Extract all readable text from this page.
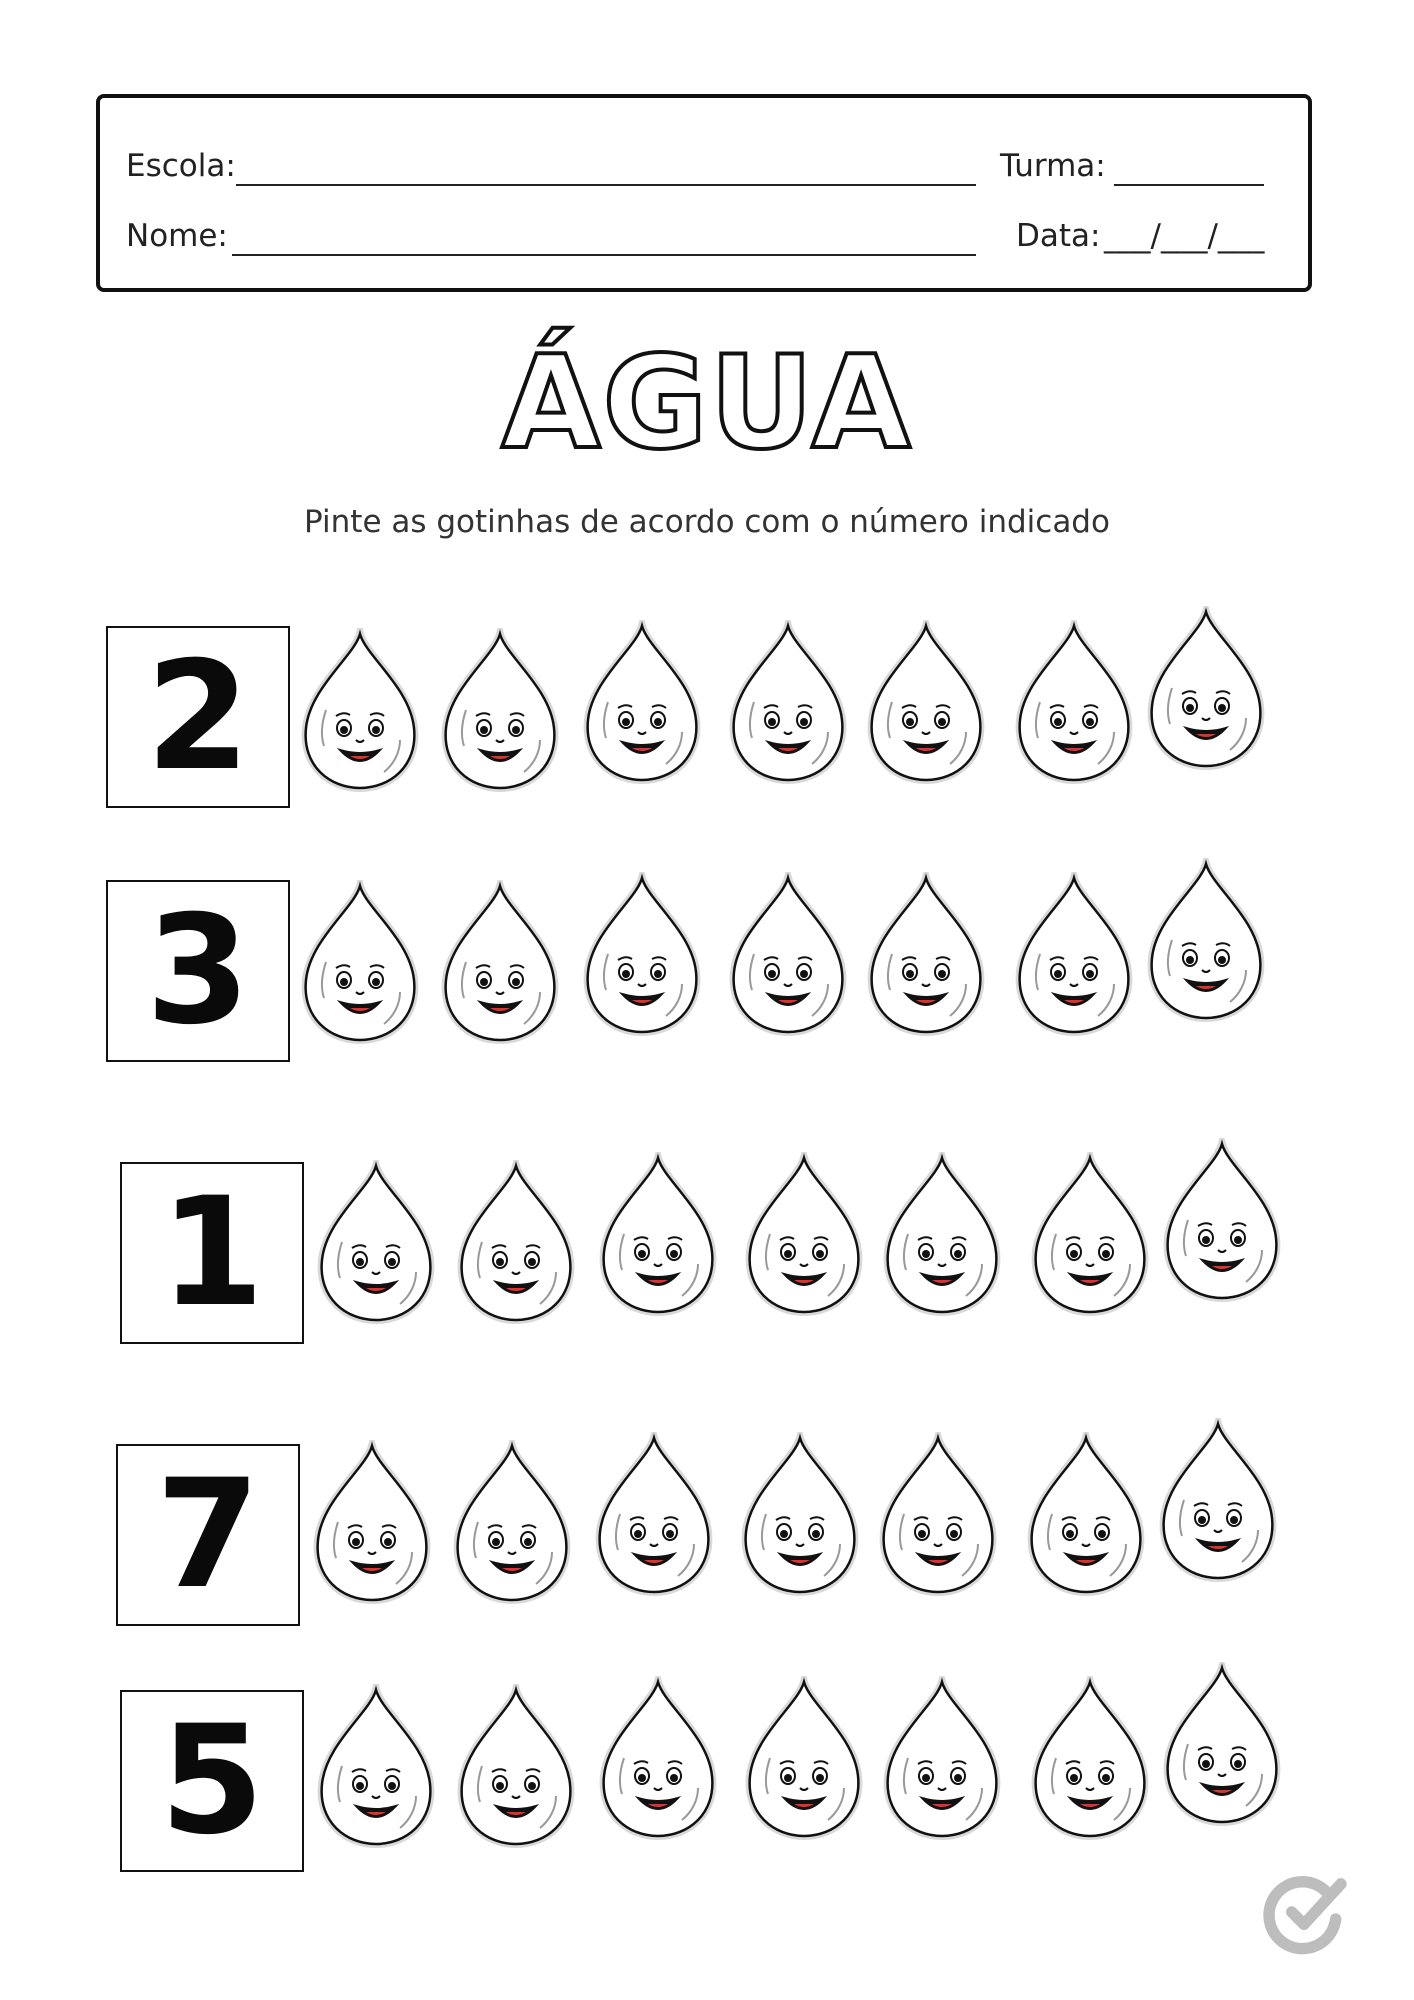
Escola:	Turma:
Nome:	Data: ___/___/___
ÁGUA
Pinte as gotinhas de acordo com o número indicado
2
3
1
7
5
